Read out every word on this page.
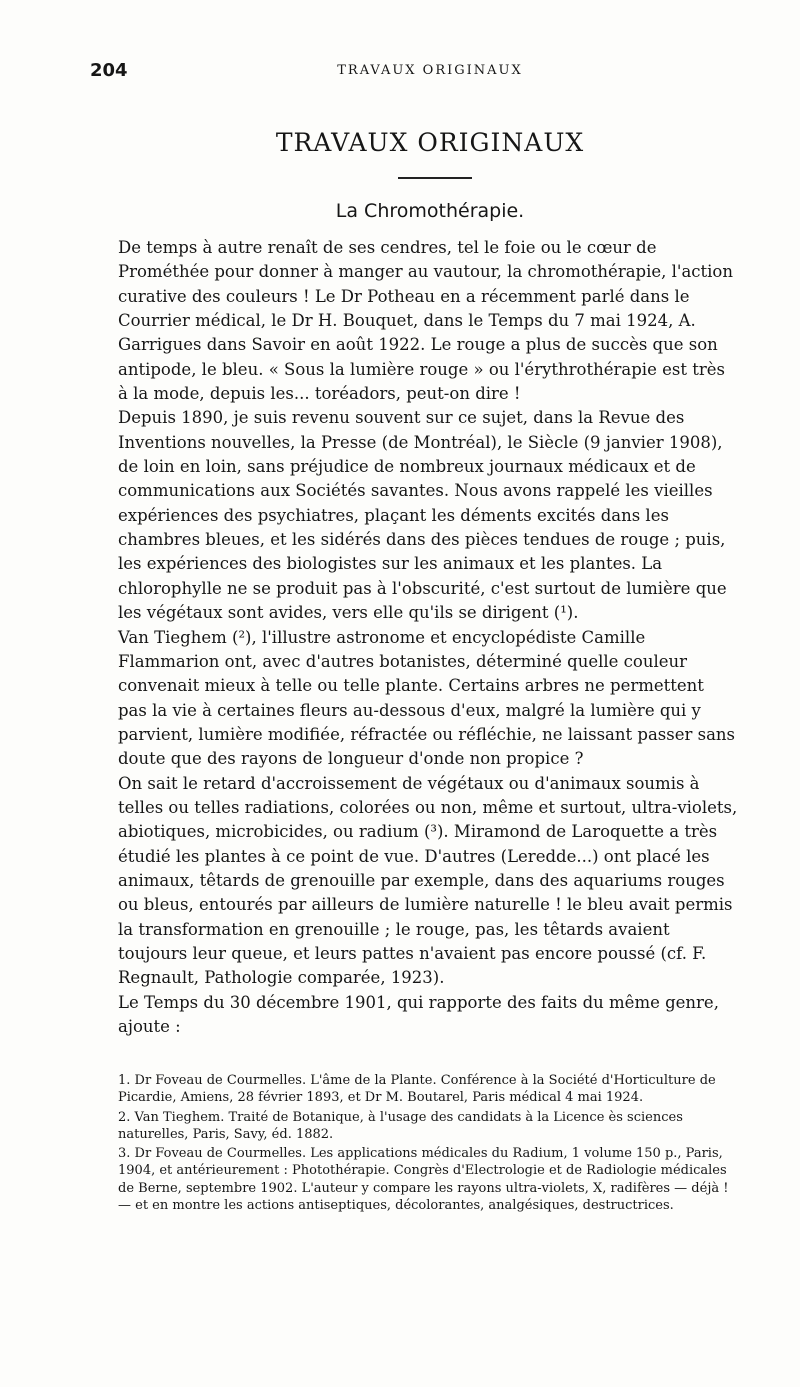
204	TRAVAUX ORIGINAUX
TRAVAUX ORIGINAUX
La Chromothérapie.

De temps à autre renaît de ses cendres, tel le foie ou le cœur de Prométhée pour donner à manger au vautour, la chromothérapie, l'action curative des couleurs ! Le Dr Potheau en a récemment parlé dans le Courrier médical, le Dr H. Bouquet, dans le Temps du 7 mai 1924, A. Garrigues dans Savoir en août 1922. Le rouge a plus de succès que son antipode, le bleu. « Sous la lumière rouge » ou l'érythrothérapie est très à la mode, depuis les... toréadors, peut-on dire !

Depuis 1890, je suis revenu souvent sur ce sujet, dans la Revue des Inventions nouvelles, la Presse (de Montréal), le Siècle (9 janvier 1908), de loin en loin, sans préjudice de nombreux journaux médicaux et de communications aux Sociétés savantes. Nous avons rappelé les vieilles expériences des psychiatres, plaçant les déments excités dans les chambres bleues, et les sidérés dans des pièces tendues de rouge ; puis, les expériences des biologistes sur les animaux et les plantes. La chlorophylle ne se produit pas à l'obscurité, c'est surtout de lumière que les végétaux sont avides, vers elle qu'ils se dirigent (¹).

Van Tieghem (²), l'illustre astronome et encyclopédiste Camille Flammarion ont, avec d'autres botanistes, déterminé quelle couleur convenait mieux à telle ou telle plante. Certains arbres ne permettent pas la vie à certaines fleurs au-dessous d'eux, malgré la lumière qui y parvient, lumière modifiée, réfractée ou réfléchie, ne laissant passer sans doute que des rayons de longueur d'onde non propice ?

On sait le retard d'accroissement de végétaux ou d'animaux soumis à telles ou telles radiations, colorées ou non, même et surtout, ultra-violets, abiotiques, microbicides, ou radium (³). Miramond de Laroquette a très étudié les plantes à ce point de vue. D'autres (Leredde...) ont placé les animaux, têtards de grenouille par exemple, dans des aquariums rouges ou bleus, entourés par ailleurs de lumière naturelle ! le bleu avait permis la transformation en grenouille ; le rouge, pas, les têtards avaient toujours leur queue, et leurs pattes n'avaient pas encore poussé (cf. F. Regnault, Pathologie comparée, 1923).

Le Temps du 30 décembre 1901, qui rapporte des faits du même genre, ajoute :

1. Dr Foveau de Courmelles. L'âme de la Plante. Conférence à la Société d'Horticulture de Picardie, Amiens, 28 février 1893, et Dr M. Boutarel, Paris médical 4 mai 1924.

2. Van Tieghem. Traité de Botanique, à l'usage des candidats à la Licence ès sciences naturelles, Paris, Savy, éd. 1882.

3. Dr Foveau de Courmelles. Les applications médicales du Radium, 1 volume 150 p., Paris, 1904, et antérieurement : Photothérapie. Congrès d'Electrologie et de Radiologie médicales de Berne, septembre 1902. L'auteur y compare les rayons ultra-violets, X, radifères — déjà ! — et en montre les actions antiseptiques, décolorantes, analgésiques, destructrices.
